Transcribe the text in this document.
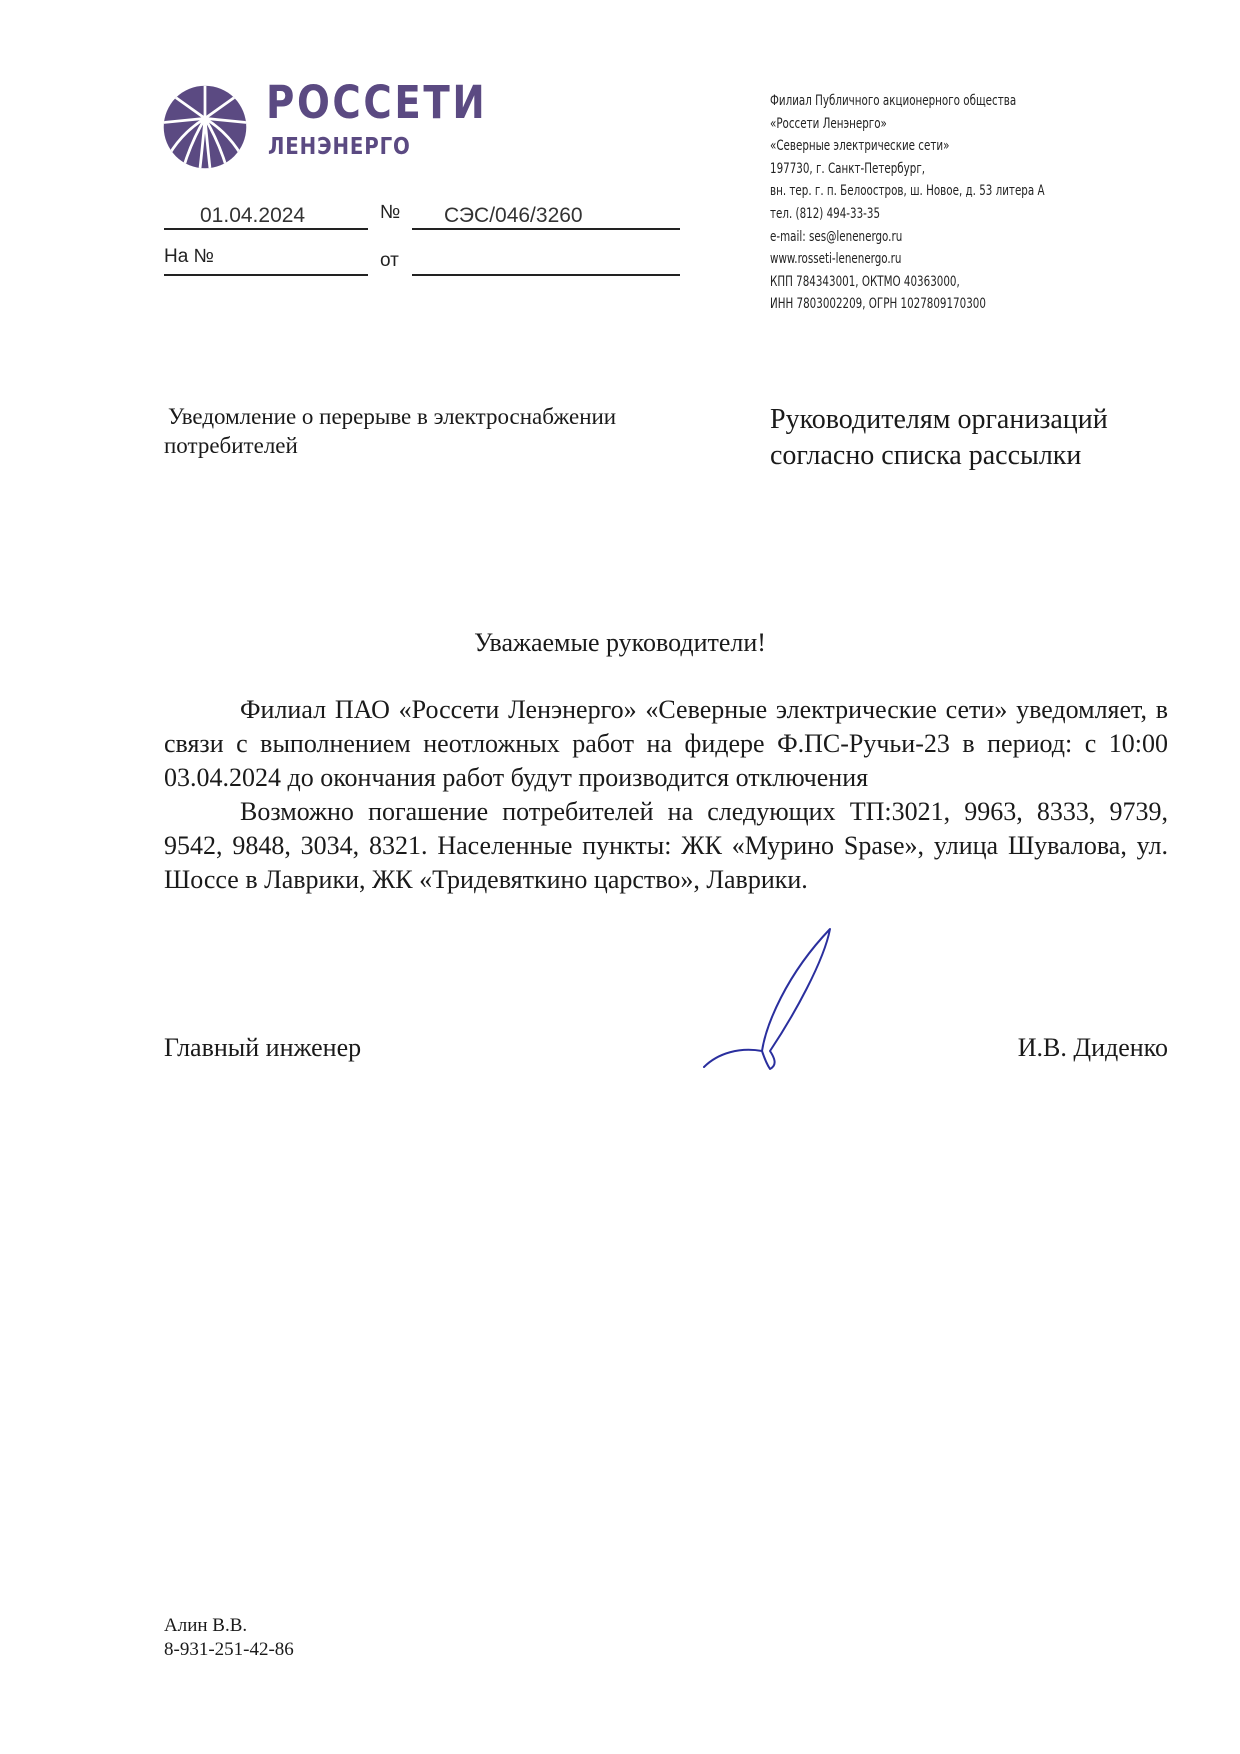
РОССЕТИ
ЛЕНЭНЕРГО
01.04.2024	№ СЭС/046/3260
На №	от
Филиал Публичного акционерного общества
«Россети Ленэнерго»
«Северные электрические сети»
197730, г. Санкт-Петербург,
вн. тер. г. п. Белоостров, ш. Новое, д. 53 литера А
тел. (812) 494-33-35
e-mail: ses@lenenergo.ru
www.rosseti-lenenergo.ru
КПП 784343001, ОКТМО 40363000,
ИНН 7803002209, ОГРН 1027809170300
Уведомление о перерыве в электроснабжении
потребителей
Руководителям организаций
согласно списка рассылки
Уважаемые руководители!

Филиал ПАО «Россети Ленэнерго» «Северные электрические сети» уведомляет, в связи с выполнением неотложных работ на фидере Ф.ПС-Ручьи-23 в период: с 10:00 03.04.2024 до окончания работ будут производится отключения

Возможно погашение потребителей на следующих ТП:3021, 9963, 8333, 9739, 9542, 9848, 3034, 8321. Населенные пункты: ЖК «Мурино Spase», улица Шувалова, ул. Шоссе в Лаврики, ЖК «Тридевяткино царство», Лаврики.

Главный инженер	И.В. Диденко
Алин В.В.
8-931-251-42-86
